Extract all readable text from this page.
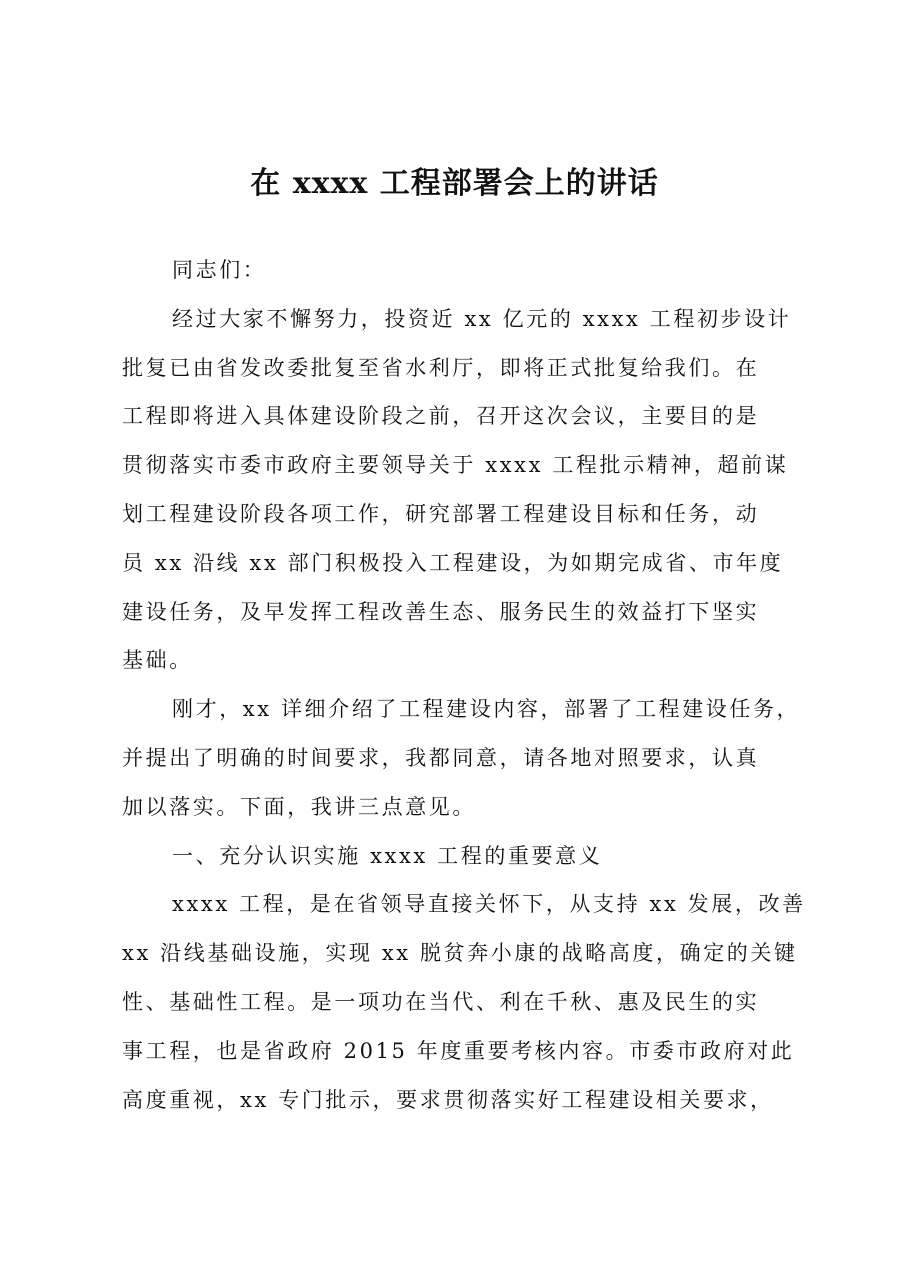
在 xxxx 工程部署会上的讲话
同志们：
经过大家不懈努力，投资近 xx 亿元的 xxxx 工程初步设计
批复已由省发改委批复至省水利厅，即将正式批复给我们。在
工程即将进入具体建设阶段之前，召开这次会议，主要目的是
贯彻落实市委市政府主要领导关于 xxxx 工程批示精神，超前谋
划工程建设阶段各项工作，研究部署工程建设目标和任务，动
员 xx 沿线 xx 部门积极投入工程建设，为如期完成省、市年度
建设任务，及早发挥工程改善生态、服务民生的效益打下坚实
基础。
刚才，xx 详细介绍了工程建设内容，部署了工程建设任务，
并提出了明确的时间要求，我都同意，请各地对照要求，认真
加以落实。下面，我讲三点意见。
一、充分认识实施 xxxx 工程的重要意义
xxxx 工程，是在省领导直接关怀下，从支持 xx 发展，改善
xx 沿线基础设施，实现 xx 脱贫奔小康的战略高度，确定的关键
性、基础性工程。是一项功在当代、利在千秋、惠及民生的实
事工程，也是省政府 2015 年度重要考核内容。市委市政府对此
高度重视，xx 专门批示，要求贯彻落实好工程建设相关要求，
